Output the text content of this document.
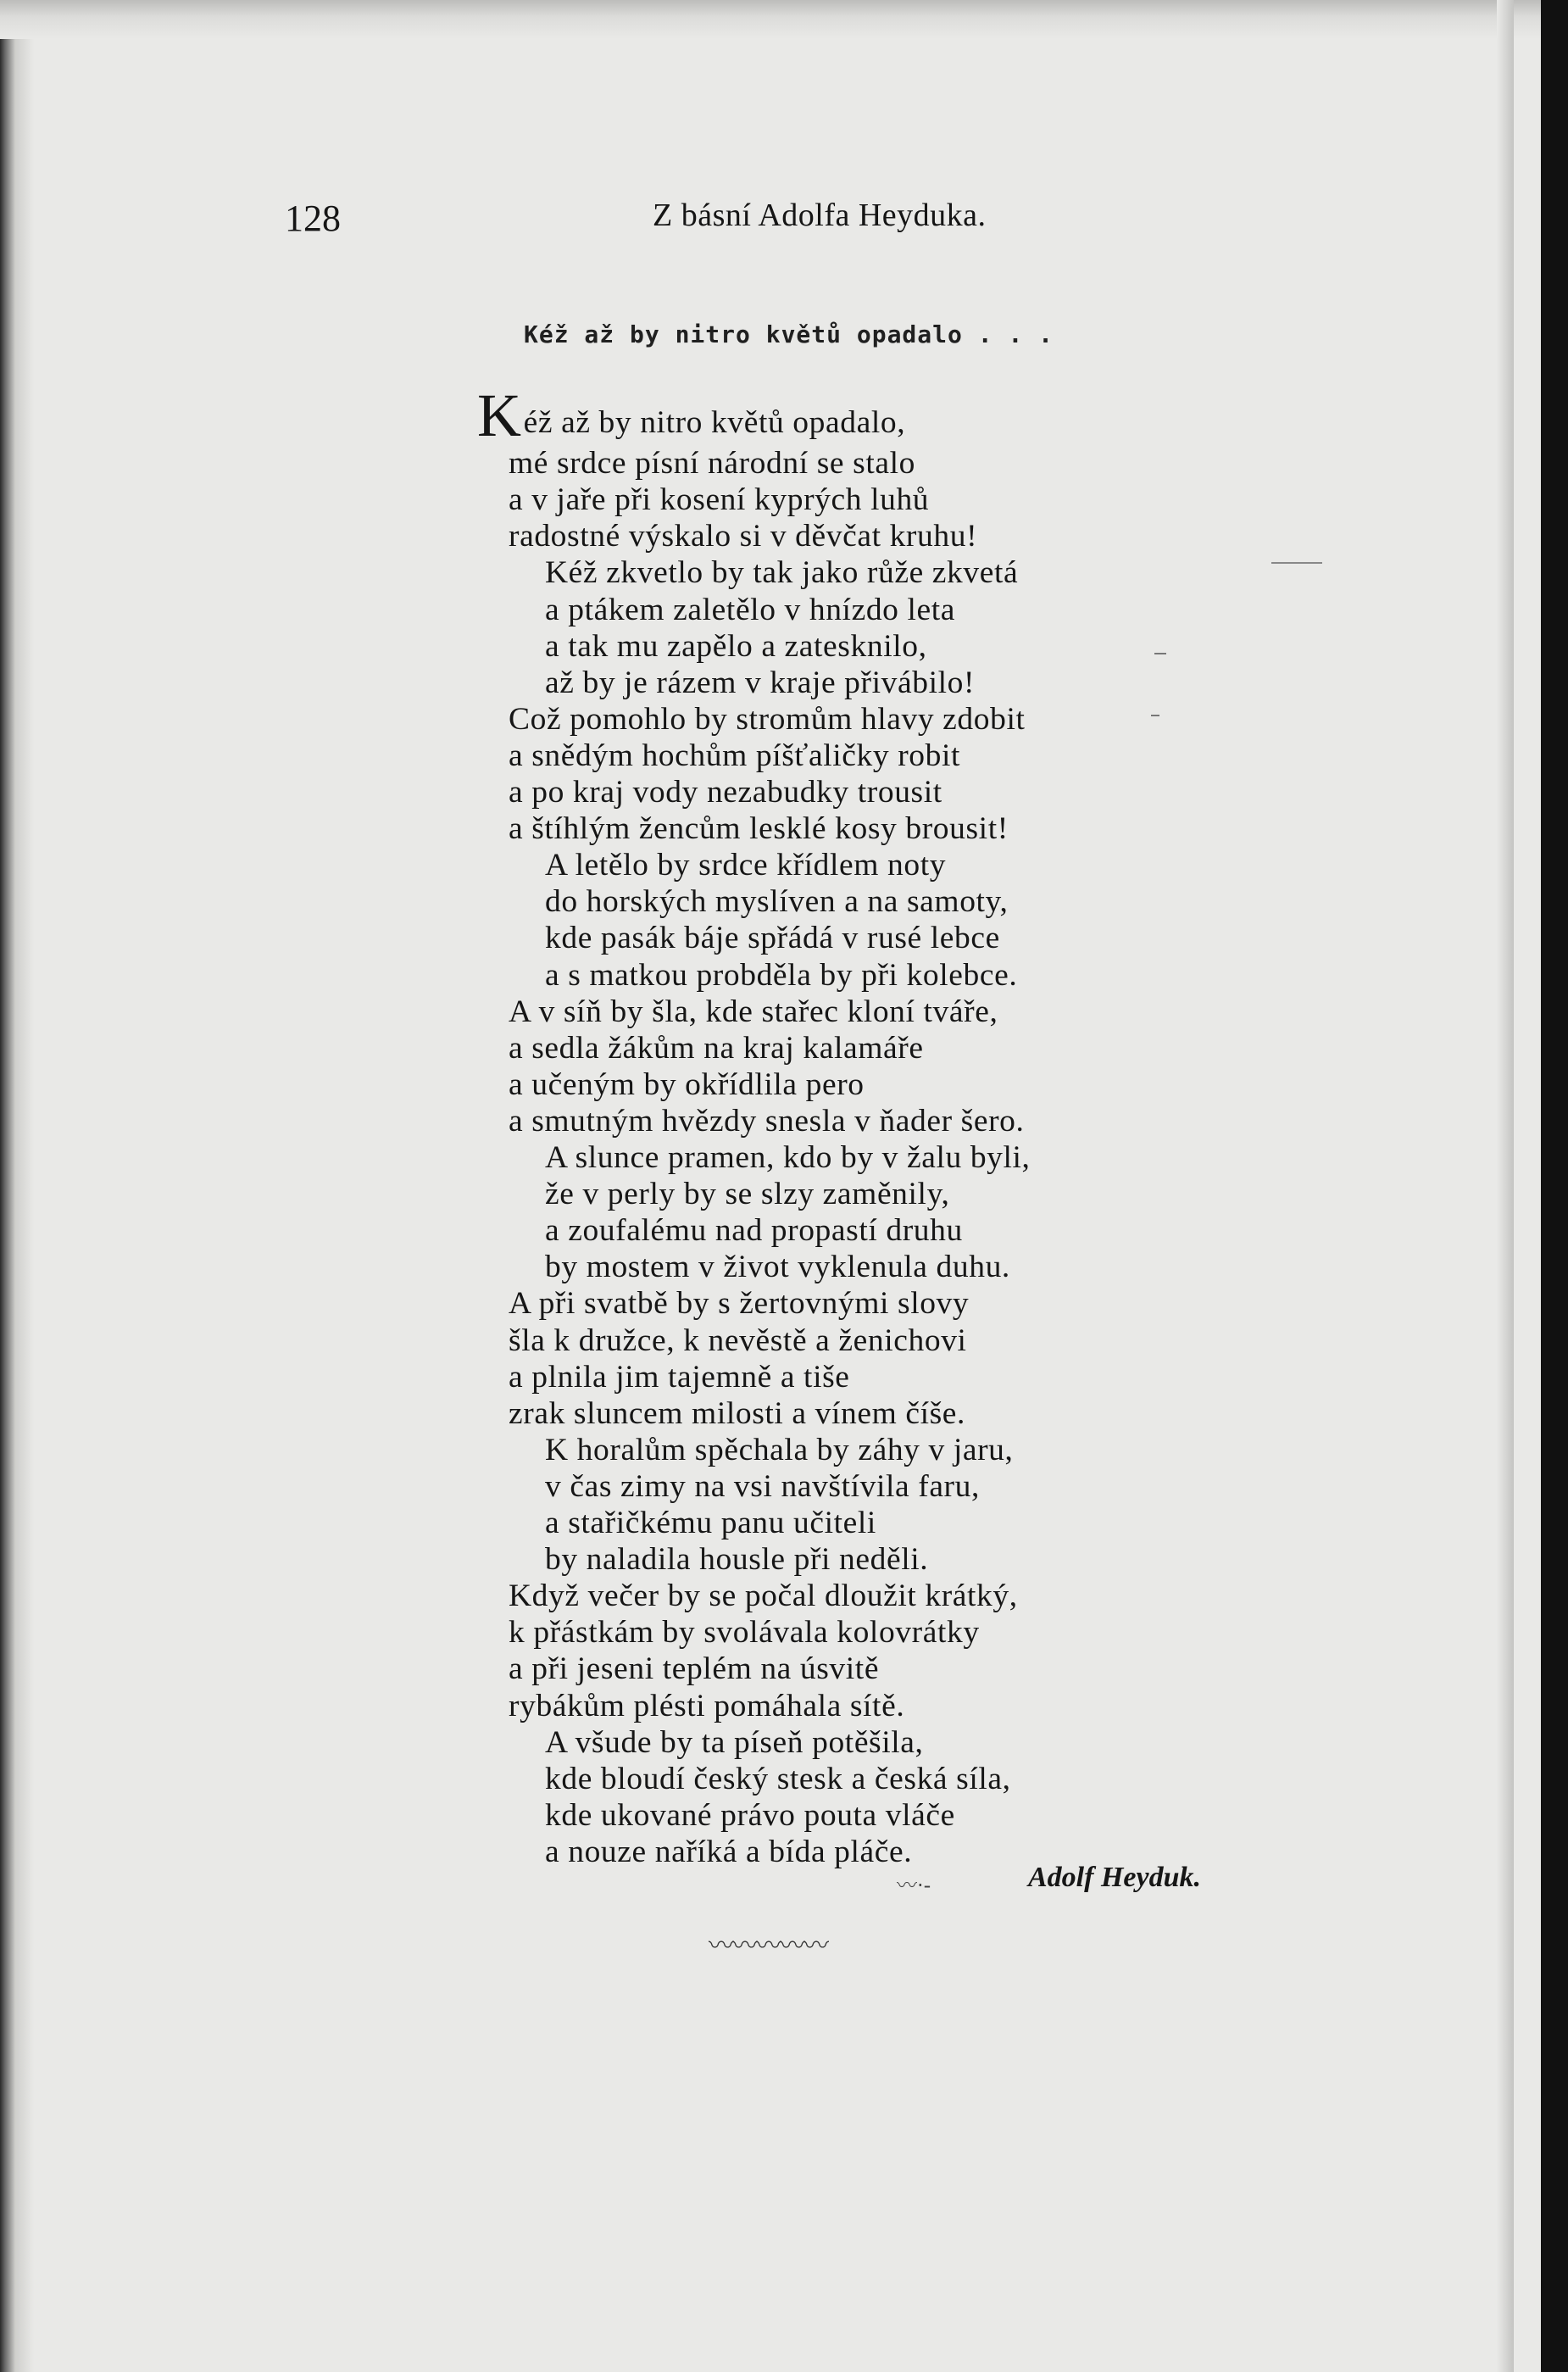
128	Z básní Adolfa Heyduka.
Kéž až by nitro květů opadalo . . .
Kéž až by nitro květů opadalo,
mé srdce písní národní se stalo
a v jaře při kosení kyprých luhů
radostné výskalo si v děvčat kruhu!
Kéž zkvetlo by tak jako růže zkvetá
a ptákem zaletělo v hnízdo leta
a tak mu zapělo a zatesknilo,
až by je rázem v kraje přivábilo!
Což pomohlo by stromům hlavy zdobit
a snědým hochům píšťaličky robit
a po kraj vody nezabudky trousit
a štíhlým žencům lesklé kosy brousit!
A letělo by srdce křídlem noty
do horských myslíven a na samoty,
kde pasák báje spřádá v rusé lebce
a s matkou probděla by při kolebce.
A v síň by šla, kde stařec kloní tváře,
a sedla žákům na kraj kalamáře
a učeným by okřídlila pero
a smutným hvězdy snesla v ňader šero.
A slunce pramen, kdo by v žalu byli,
že v perly by se slzy zaměnily,
a zoufalému nad propastí druhu
by mostem v život vyklenula duhu.
A při svatbě by s žertovnými slovy
šla k družce, k nevěstě a ženichovi
a plnila jim tajemně a tiše
zrak sluncem milosti a vínem číše.
K horalům spěchala by záhy v jaru,
v čas zimy na vsi navštívila faru,
a stařičkému panu učiteli
by naladila housle při neděli.
Když večer by se počal dloužit krátký,
k přástkám by svolávala kolovrátky
a při jeseni teplém na úsvitě
rybákům plésti pomáhala sítě.
A všude by ta píseň potěšila,
kde bloudí český stesk a česká síla,
kde ukované právo pouta vláče
a nouze naříká a bída pláče.
〰·-	Adolf Heyduk.
〰〰〰〰〰
